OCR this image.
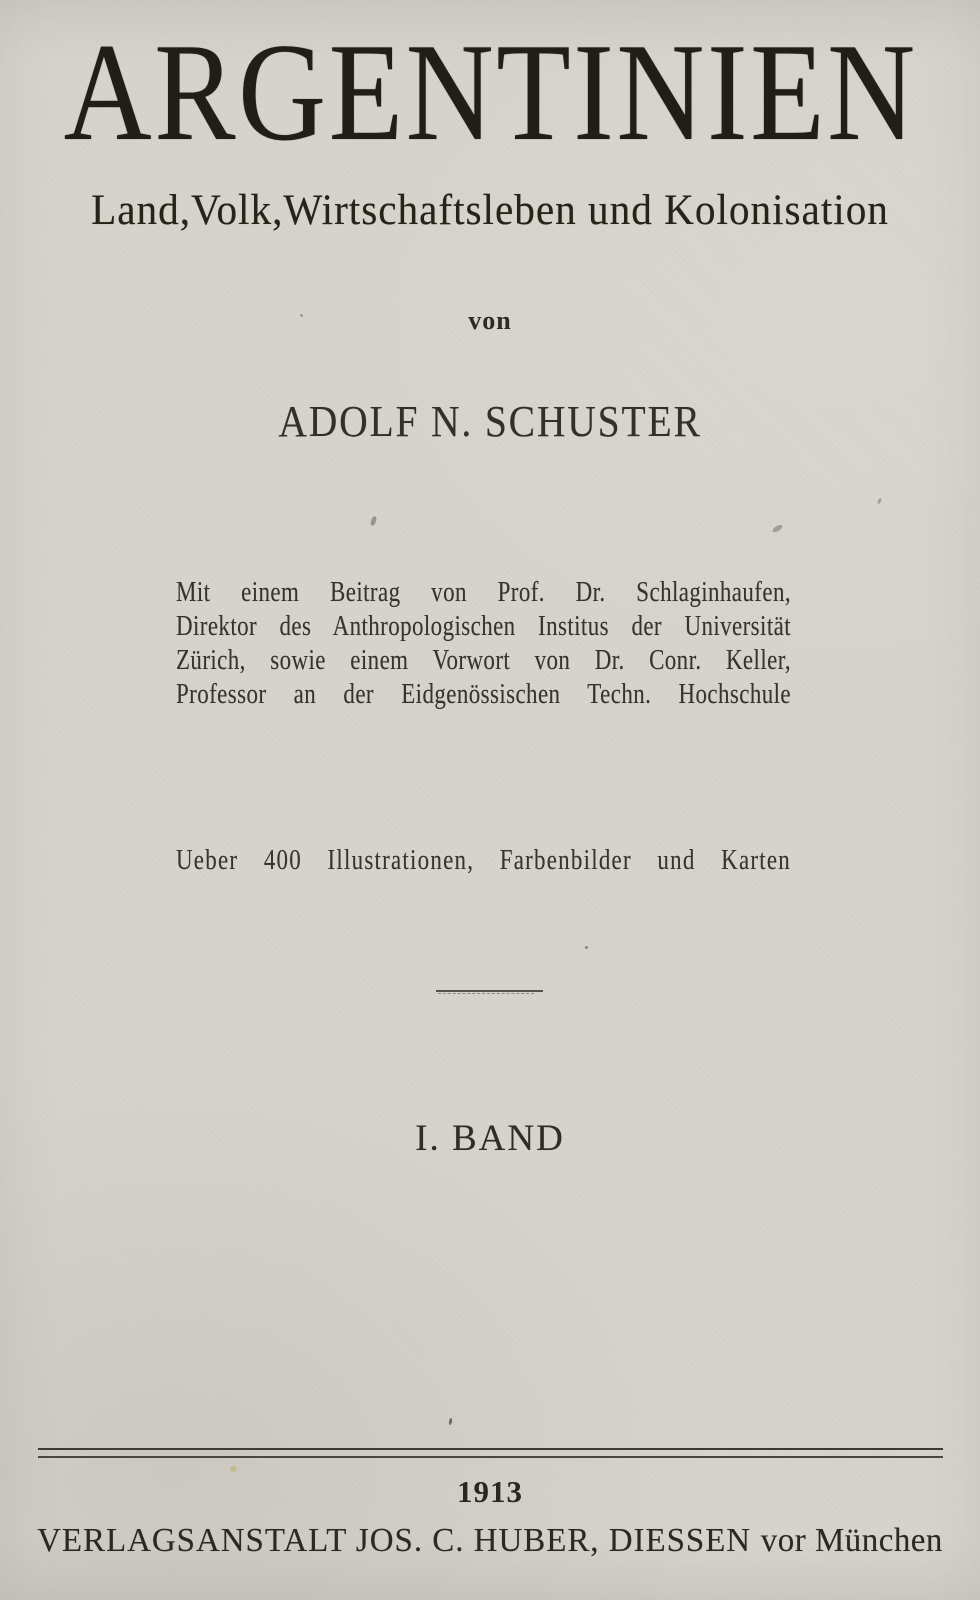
ARGENTINIEN
Land,Volk,Wirtschaftsleben und Kolonisation
von
ADOLF N. SCHUSTER
Mit einem Beitrag von Prof. Dr. Schlaginhaufen,
Direktor des Anthropologischen Institus der Universität
Zürich, sowie einem Vorwort von Dr. Conr. Keller,
Professor an der Eidgenössischen Techn. Hochschule
Ueber 400 Illustrationen, Farbenbilder und Karten
I. BAND
1913
VERLAGSANSTALT JOS. C. HUBER, DIESSEN vor München
